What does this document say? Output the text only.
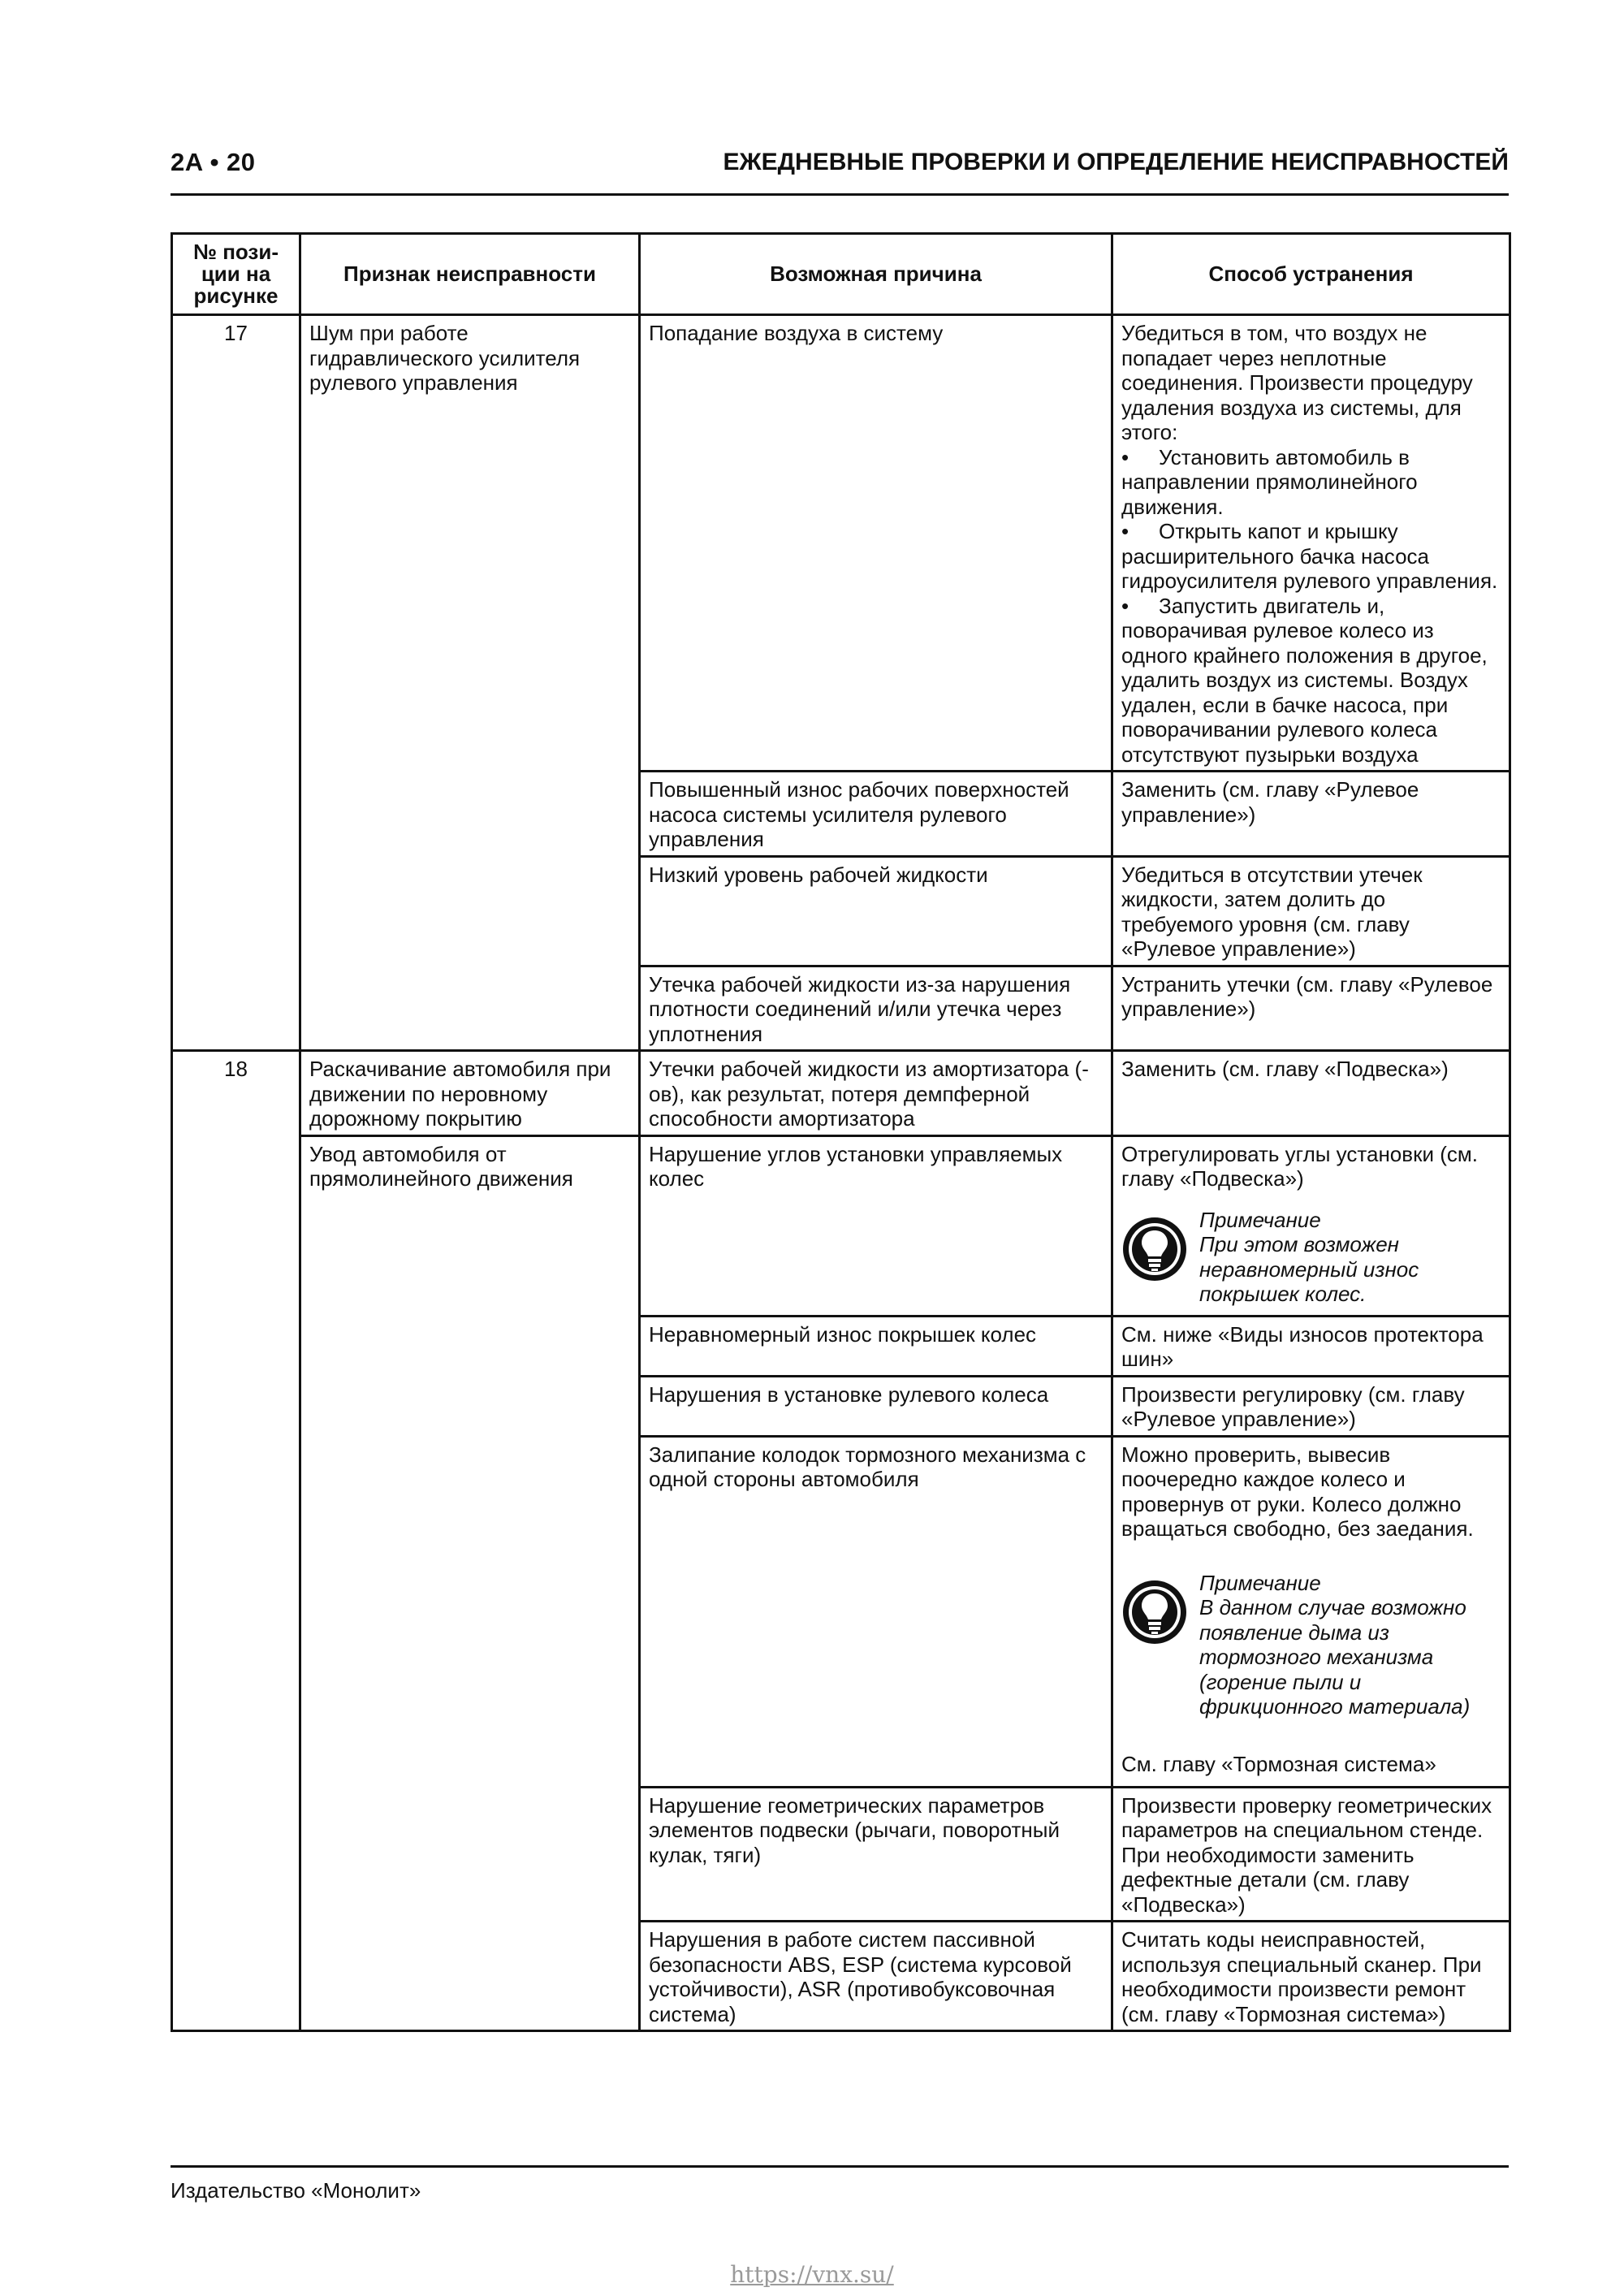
2A • 20	ЕЖЕДНЕВНЫЕ ПРОВЕРКИ И ОПРЕДЕЛЕНИЕ НЕИСПРАВНОСТЕЙ
№ пози-
ции на
рисунке	Признак неисправности	Возможная причина	Способ устранения
17	Шум при работе гидравлического усилителя рулевого управления	Попадание воздуха в систему	Убедиться в том, что воздух не попадает через неплотные соединения. Произвести процедуру удаления воздуха из системы, для этого:
• Установить автомобиль в направлении прямолинейного движения.
• Открыть капот и крышку расширительного бачка насоса гидроусилителя рулевого управления.
• Запустить двигатель и, поворачивая рулевое колесо из одного крайнего положения в другое, удалить воздух из системы. Воздух удален, если в бачке насоса, при поворачивании рулевого колеса отсутствуют пузырьки воздуха

		Повышенный износ рабочих поверхностей насоса системы усилителя рулевого управления	Заменить (см. главу «Рулевое управление»)
		Низкий уровень рабочей жидкости	Убедиться в отсутствии утечек жидкости, затем долить до требуемого уровня (см. главу «Рулевое управление»)
		Утечка рабочей жидкости из-за нарушения плотности соединений и/или утечка через уплотнения	Устранить утечки (см. главу «Рулевое управление»)
18	Раскачивание автомобиля при движении по неровному дорожному покрытию	Утечки рабочей жидкости из амортизатора (-ов), как результат, потеря демпферной способности амортизатора	Заменить (см. главу «Подвеска»)
	Увод автомобиля от прямолинейного движения	Нарушение углов установки управляемых колес	Отрегулировать углы установки (см. главу «Подвеска»)
Примечание
При этом возможен неравномерный износ покрышек колес.

		Неравномерный износ покрышек колес	См. ниже «Виды износов протектора шин»
		Нарушения в установке рулевого колеса	Произвести регулировку (см. главу «Рулевое управление»)
		Залипание колодок тормозного механизма с одной стороны автомобиля	Можно проверить, вывесив поочередно каждое колесо и провернув от руки. Колесо должно вращаться свободно, без заедания.
Примечание
В данном случае возможно появление дыма из тормозного механизма (горение пыли и фрикционного материала)
См. главу «Тормозная система»

		Нарушение геометрических параметров элементов подвески (рычаги, поворотный кулак, тяги)	Произвести проверку геометрических параметров на специальном стенде. При необходимости заменить дефектные детали (см. главу «Подвеска»)
		Нарушения в работе систем пассивной безопасности ABS, ESP (система курсовой устойчивости), ASR (противобуксовочная система)	Считать коды неисправностей, используя специальный сканер. При необходимости произвести ремонт (см. главу «Тормозная система»)
Издательство «Монолит»
https://vnx.su/
